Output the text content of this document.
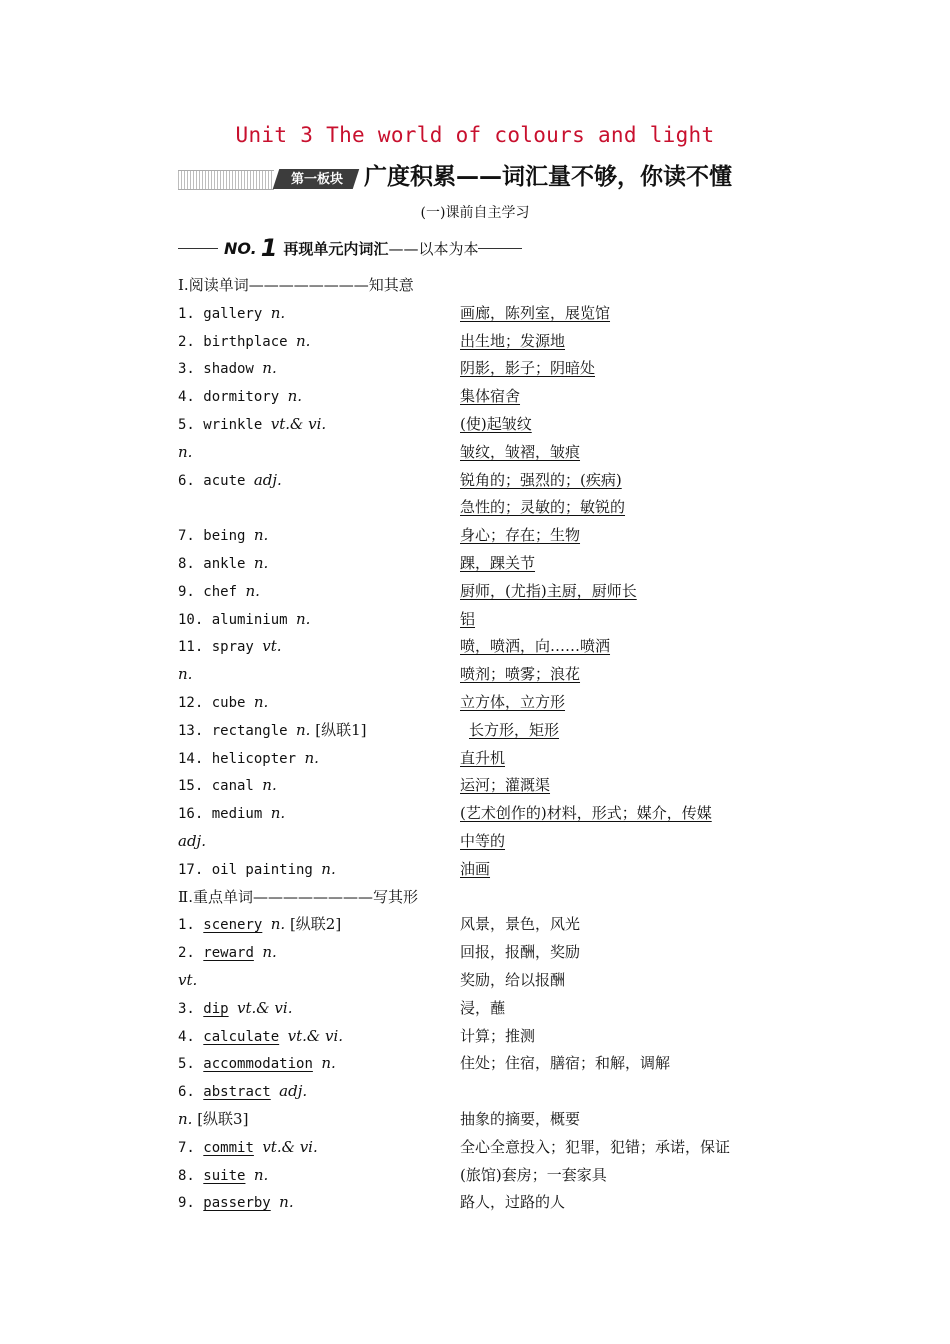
Unit 3 The world of colours and light
第一板块 广度积累——词汇量不够，你读不懂
(一)课前自主学习
NO. 1 再现单元内词汇 ——以本为本
Ⅰ.阅读单词————————知其意
1. gallery n.	画廊，陈列室，展览馆
2. birthplace n.	出生地；发源地
3. shadow n.	阴影，影子；阴暗处
4. dormitory n.	集体宿舍
5. wrinkle vt.& vi.	(使)起皱纹
n.	皱纹，皱褶，皱痕
6. acute adj.	锐角的；强烈的；(疾病)
急性的；灵敏的；敏锐的
7. being n.	身心；存在；生物
8. ankle n.	踝，踝关节
9. chef n.	厨师，(尤指)主厨，厨师长
10. aluminium n.	铝
11. spray vt.	喷，喷洒，向……喷洒
n.	喷剂；喷雾；浪花
12. cube n.	立方体，立方形
13. rectangle n. [纵联1]	长方形，矩形
14. helicopter n.	直升机
15. canal n.	运河；灌溉渠
16. medium n.	(艺术创作的)材料，形式；媒介，传媒
adj.	中等的
17. oil painting n.	油画
Ⅱ.重点单词————————写其形
1. scenery n. [纵联2]	风景，景色，风光
2. reward n.	回报，报酬，奖励
vt.	奖励，给以报酬
3. dip vt.& vi.	浸，蘸
4. calculate vt.& vi.	计算；推测
5. accommodation n.	住处；住宿，膳宿；和解，调解
6. abstract adj.
n. [纵联3]	抽象的摘要，概要
7. commit vt.& vi.	全心全意投入；犯罪，犯错；承诺，保证
8. suite n.	(旅馆)套房；一套家具
9. passerby n.	路人，过路的人
